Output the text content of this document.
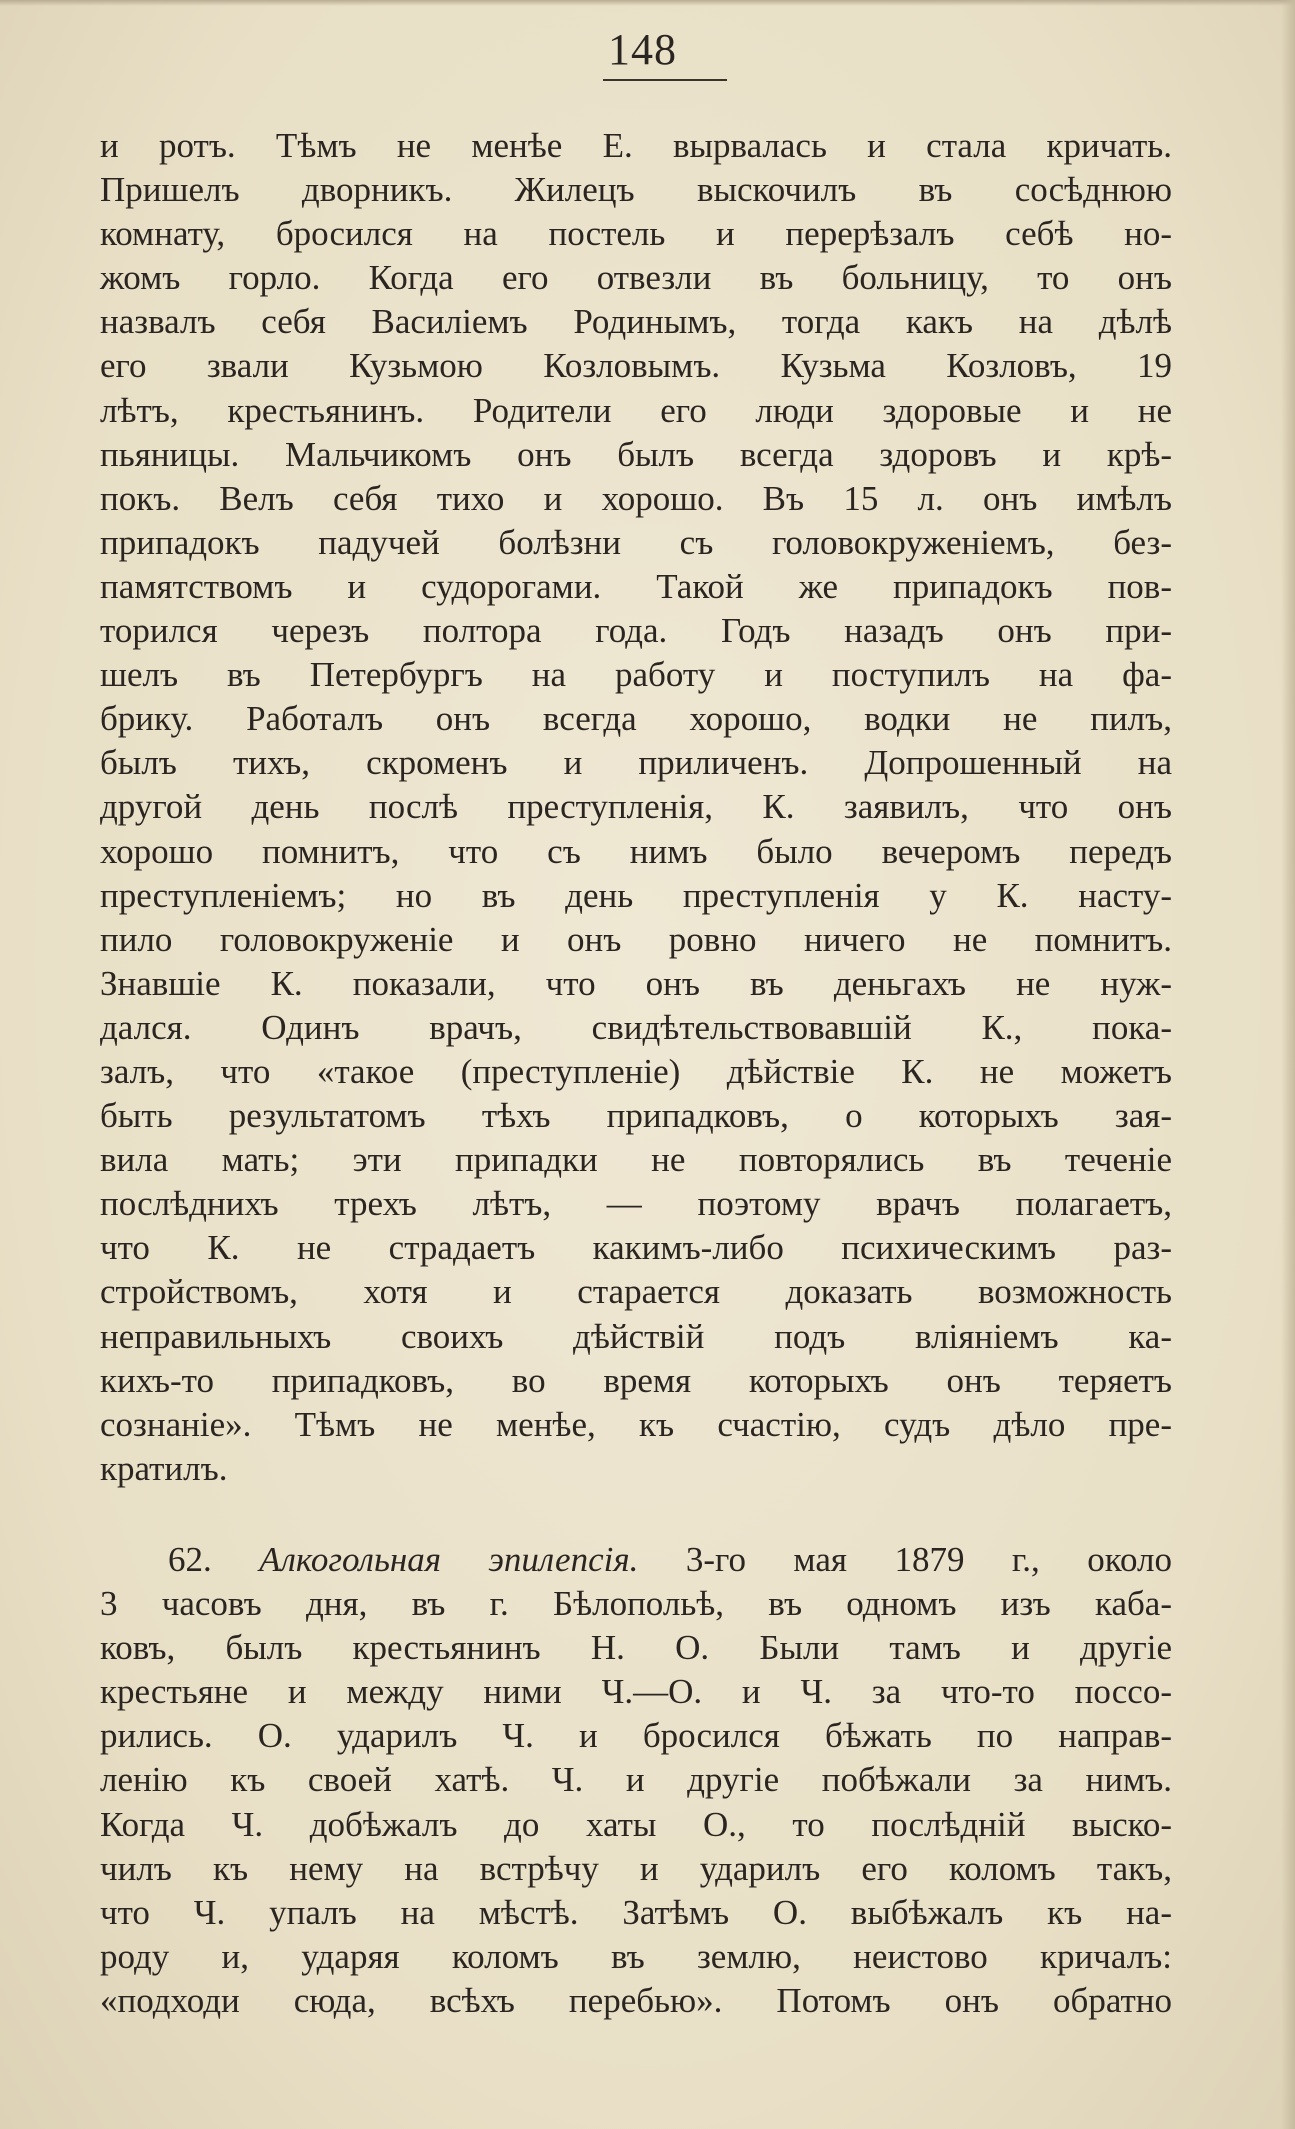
148
и ротъ. Тѣмъ не менѣе Е. вырвалась и стала кричать.
Пришелъ дворникъ. Жилецъ выскочилъ въ сосѣднюю
комнату, бросился на постель и перерѣзалъ себѣ но-
жомъ горло. Когда его отвезли въ больницу, то онъ
назвалъ себя Василіемъ Родинымъ, тогда какъ на дѣлѣ
его звали Кузьмою Козловымъ. Кузьма Козловъ, 19
лѣтъ, крестьянинъ. Родители его люди здоровые и не
пьяницы. Мальчикомъ онъ былъ всегда здоровъ и крѣ-
покъ. Велъ себя тихо и хорошо. Въ 15 л. онъ имѣлъ
припадокъ падучей болѣзни съ головокруженіемъ, без-
памятствомъ и судорогами. Такой же припадокъ пов-
торился черезъ полтора года. Годъ назадъ онъ при-
шелъ въ Петербургъ на работу и поступилъ на фа-
брику. Работалъ онъ всегда хорошо, водки не пилъ,
былъ тихъ, скроменъ и приличенъ. Допрошенный на
другой день послѣ преступленія, К. заявилъ, что онъ
хорошо помнитъ, что съ нимъ было вечеромъ передъ
преступленіемъ; но въ день преступленія у К. насту-
пило головокруженіе и онъ ровно ничего не помнитъ.
Знавшіе К. показали, что онъ въ деньгахъ не нуж-
дался. Одинъ врачъ, свидѣтельствовавшій К., пока-
залъ, что «такое (преступленіе) дѣйствіе К. не можетъ
быть результатомъ тѣхъ припадковъ, о которыхъ зая-
вила мать; эти припадки не повторялись въ теченіе
послѣднихъ трехъ лѣтъ, — поэтому врачъ полагаетъ,
что К. не страдаетъ какимъ-либо психическимъ раз-
стройствомъ, хотя и старается доказать возможность
неправильныхъ своихъ дѣйствій подъ вліяніемъ ка-
кихъ-то припадковъ, во время которыхъ онъ теряетъ
сознаніе». Тѣмъ не менѣе, къ счастію, судъ дѣло пре-
кратилъ.
62. Алкогольная эпилепсія. 3-го мая 1879 г., около
3 часовъ дня, въ г. Бѣлопольѣ, въ одномъ изъ каба-
ковъ, былъ крестьянинъ Н. О. Были тамъ и другіе
крестьяне и между ними Ч.—О. и Ч. за что-то поссо-
рились. О. ударилъ Ч. и бросился бѣжать по направ-
ленію къ своей хатѣ. Ч. и другіе побѣжали за нимъ.
Когда Ч. добѣжалъ до хаты О., то послѣдній выско-
чилъ къ нему на встрѣчу и ударилъ его коломъ такъ,
что Ч. упалъ на мѣстѣ. Затѣмъ О. выбѣжалъ къ на-
роду и, ударяя коломъ въ землю, неистово кричалъ:
«подходи сюда, всѣхъ перебью». Потомъ онъ обратно
